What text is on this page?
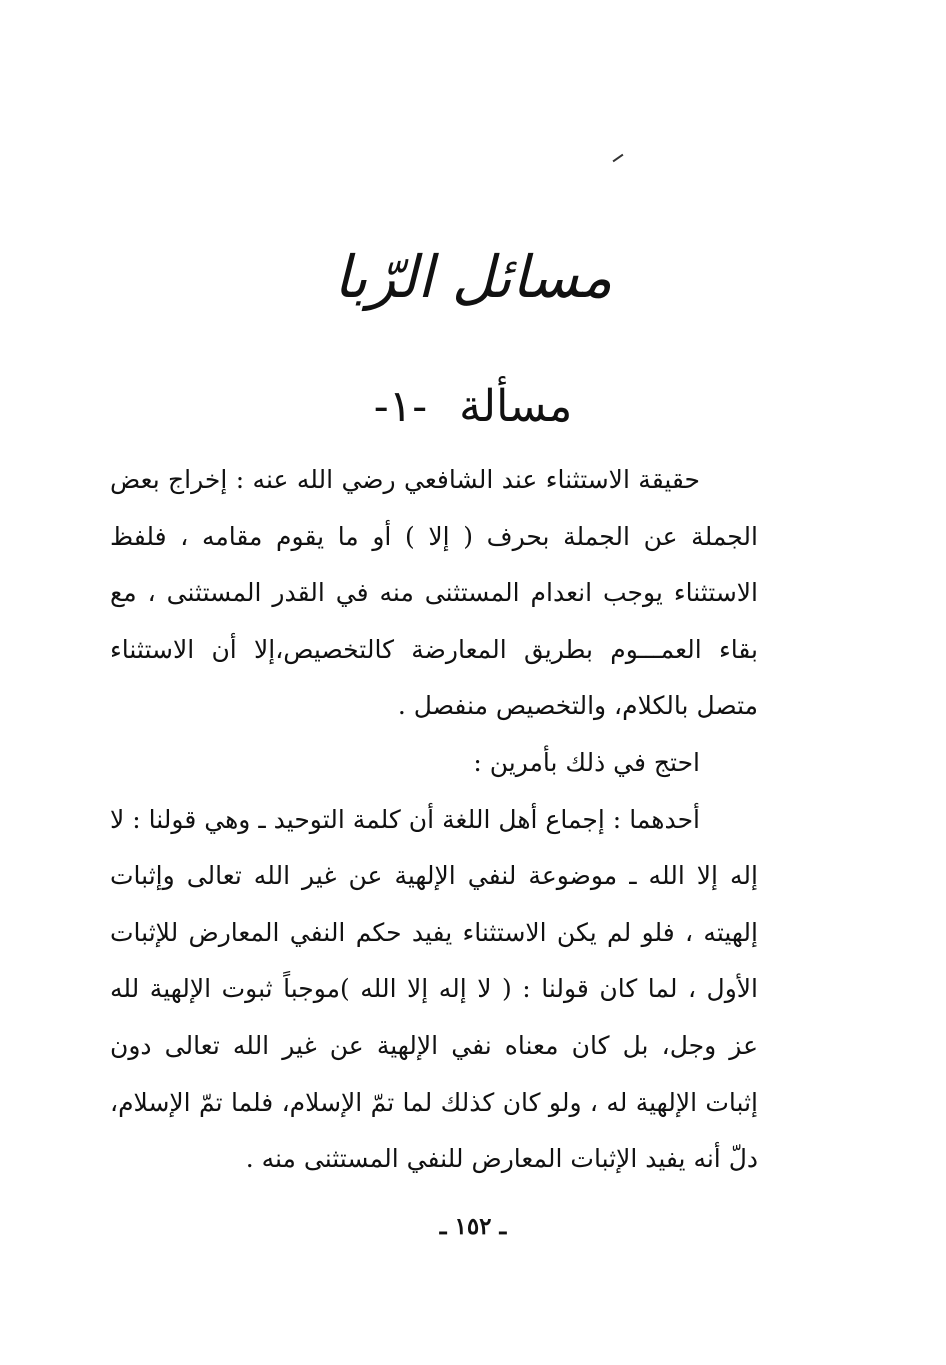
مسائل الرّبا
مسألة -١-

حقيقة الاستثناء عند الشافعي رضي الله عنه : إخراج بعض الجملة عن الجملة بحرف ( إلا ) أو ما يقوم مقامه ، فلفظ الاستثناء يوجب انعدام المستثنى منه في القدر المستثنى ، مع بقاء العمـــوم بطريق المعارضة كالتخصيص،إلا أن الاستثناء متصل بالكلام، والتخصيص منفصل .

احتج في ذلك بأمرين :

أحدهما : إجماع أهل اللغة أن كلمة التوحيد ـ وهي قولنا : لا إله إلا الله ـ موضوعة لنفي الإلهية عن غير الله تعالى وإثبات إلهيته ، فلو لم يكن الاستثناء يفيد حكم النفي المعارض للإثبات الأول ، لما كان قولنا : ( لا إله إلا الله )موجباً ثبوت الإلهية لله عز وجل، بل كان معناه نفي الإلهية عن غير الله تعالى دون إثبات الإلهية له ، ولو كان كذلك لما تمّ الإسلام، فلما تمّ الإسلام، دلّ أنه يفيد الإثبات المعارض للنفي المستثنى منه .

ـ ١٥٢ ـ
